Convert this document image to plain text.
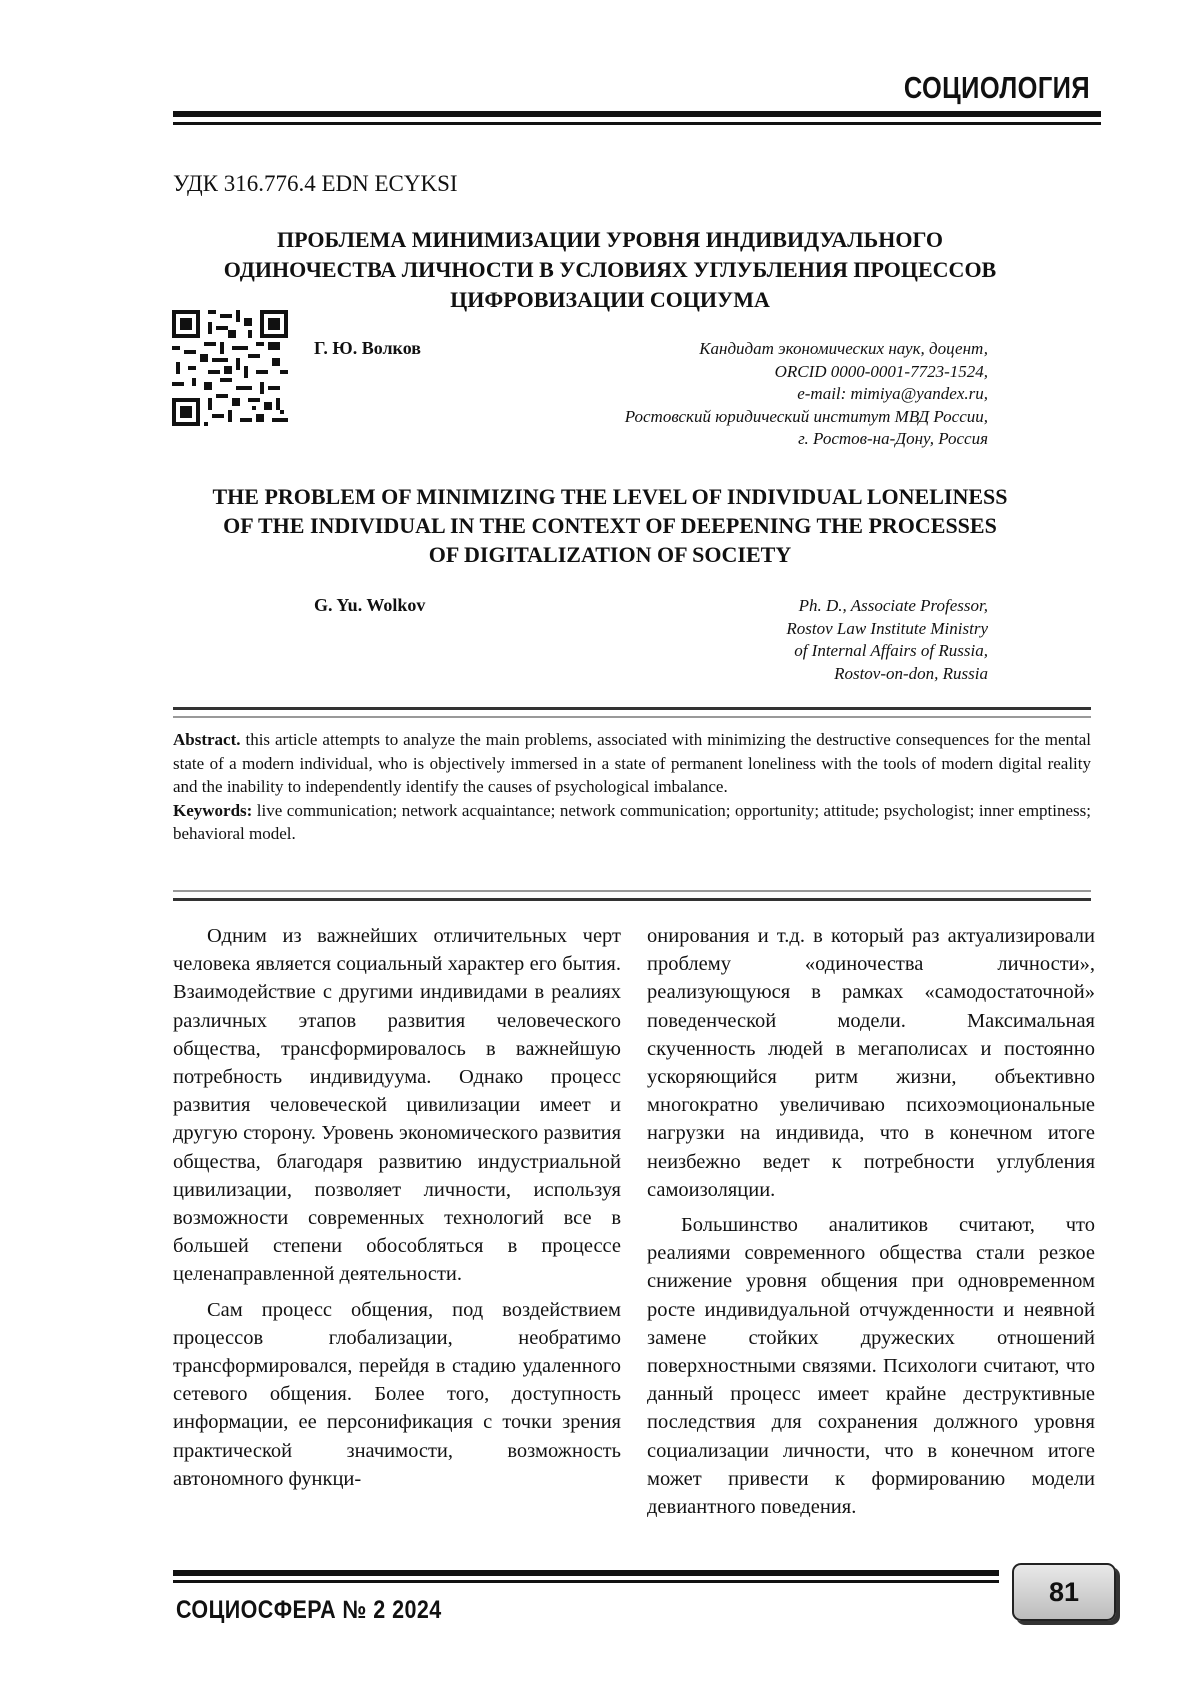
СОЦИОЛОГИЯ
УДК 316.776.4 EDN ECYKSI
ПРОБЛЕМА МИНИМИЗАЦИИ УРОВНЯ ИНДИВИДУАЛЬНОГО
ОДИНОЧЕСТВА ЛИЧНОСТИ В УСЛОВИЯХ УГЛУБЛЕНИЯ ПРОЦЕССОВ
ЦИФРОВИЗАЦИИ СОЦИУМА
Г. Ю. Волков	Кандидат экономических наук, доцент,
ORCID 0000-0001-7723-1524,
e-mail: mimiya@yandex.ru,
Ростовский юридический институт МВД России,
г. Ростов-на-Дону, Россия
THE PROBLEM OF MINIMIZING THE LEVEL OF INDIVIDUAL LONELINESS
OF THE INDIVIDUAL IN THE CONTEXT OF DEEPENING THE PROCESSES
OF DIGITALIZATION OF SOCIETY
G. Yu. Wolkov	Ph. D., Associate Professor,
Rostov Law Institute Ministry
of Internal Affairs of Russia,
Rostov-on-don, Russia

Abstract. this article attempts to analyze the main problems, associated with minimizing the destructive consequences for the mental state of a modern individual, who is objectively immersed in a state of permanent loneliness with the tools of modern digital reality and the inability to independently identify the causes of psychological imbalance.

Keywords: live communication; network acquaintance; network communication; opportunity; attitude; psychologist; inner emptiness; behavioral model.

Одним из важнейших отличительных черт человека является социальный характер его бытия. Взаимодействие с другими индивидами в реалиях различных этапов развития человеческого общества, трансформировалось в важнейшую потребность индивидуума. Однако процесс развития человеческой цивилизации имеет и другую сторону. Уровень экономического развития общества, благодаря развитию индустриальной цивилизации, позволяет личности, используя возможности современных технологий все в большей степени обособляться в процессе целенаправленной деятельности.

Сам процесс общения, под воздействием процессов глобализации, необратимо трансформировался, перейдя в стадию удаленного сетевого общения. Более того, доступность информации, ее персонификация с точки зрения практической значимости, возможность автономного функци-

онирования и т.д. в который раз актуализировали проблему «одиночества личности», реализующуюся в рамках «самодостаточной» поведенческой модели. Максимальная скученность людей в мегаполисах и постоянно ускоряющийся ритм жизни, объективно многократно увеличиваю психоэмоциональные нагрузки на индивида, что в конечном итоге неизбежно ведет к потребности углубления самоизоляции.

Большинство аналитиков считают, что реалиями современного общества стали резкое снижение уровня общения при одновременном росте индивидуальной отчужденности и неявной замене стойких дружеских отношений поверхностными связями. Психологи считают, что данный процесс имеет крайне деструктивные последствия для сохранения должного уровня социализации личности, что в конечном итоге может привести к формированию модели девиантного поведения.

СОЦИОСФЕРА № 2 2024
81
